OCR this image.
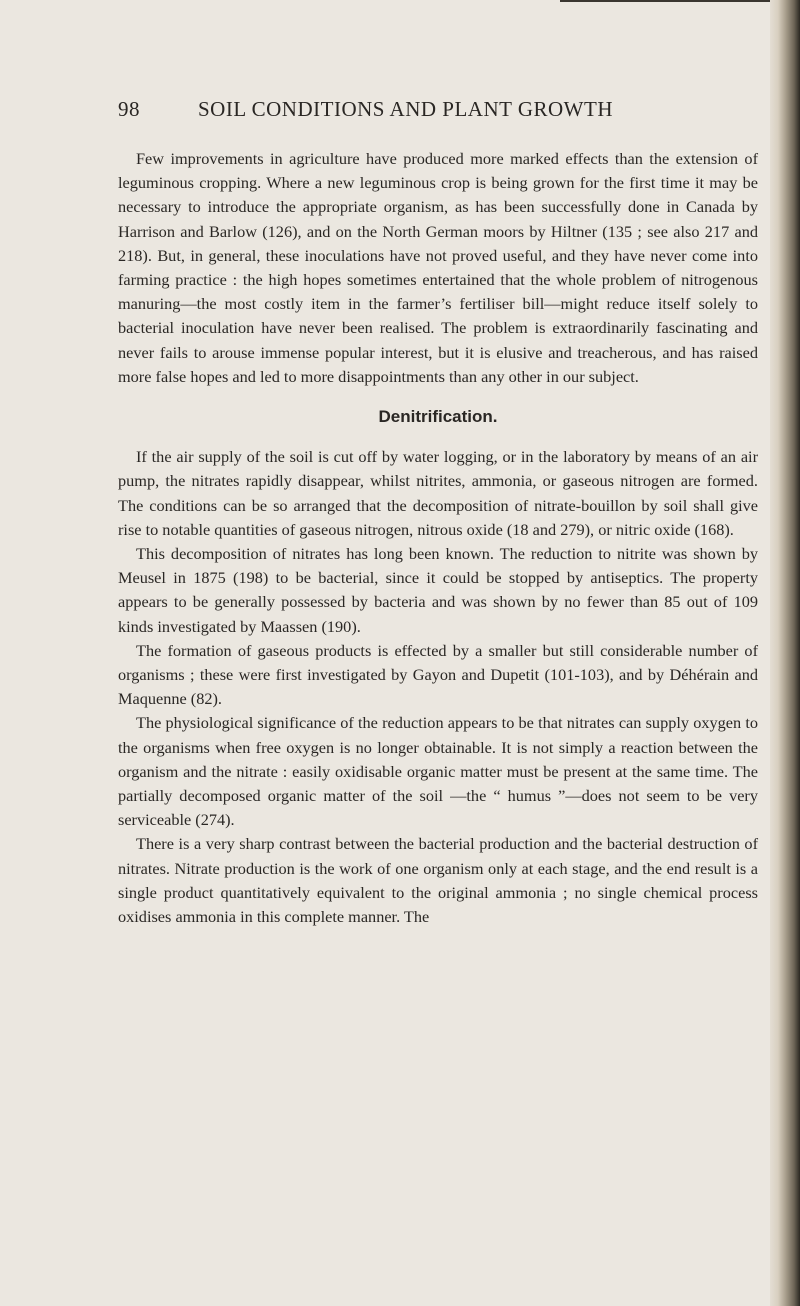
98	SOIL CONDITIONS AND PLANT GROWTH

Few improvements in agriculture have produced more marked effects than the extension of leguminous cropping. Where a new leguminous crop is being grown for the first time it may be necessary to introduce the appropriate organism, as has been successfully done in Canada by Harrison and Barlow (126), and on the North German moors by Hiltner (135 ; see also 217 and 218). But, in general, these inoculations have not proved useful, and they have never come into farming practice : the high hopes sometimes entertained that the whole problem of nitrogenous manuring—the most costly item in the farmer’s fertiliser bill—might reduce itself solely to bacterial inoculation have never been realised. The problem is extraordinarily fascinating and never fails to arouse immense popular interest, but it is elusive and treacherous, and has raised more false hopes and led to more disappointments than any other in our subject.

Denitrification.

If the air supply of the soil is cut off by water logging, or in the laboratory by means of an air pump, the nitrates rapidly disappear, whilst nitrites, ammonia, or gaseous nitrogen are formed. The conditions can be so arranged that the decomposition of nitrate-bouillon by soil shall give rise to notable quantities of gaseous nitrogen, nitrous oxide (18 and 279), or nitric oxide (168).

This decomposition of nitrates has long been known. The reduction to nitrite was shown by Meusel in 1875 (198) to be bacterial, since it could be stopped by antiseptics. The property appears to be generally possessed by bacteria and was shown by no fewer than 85 out of 109 kinds investigated by Maassen (190).

The formation of gaseous products is effected by a smaller but still considerable number of organisms ; these were first investigated by Gayon and Dupetit (101-103), and by Déhérain and Maquenne (82).

The physiological significance of the reduction appears to be that nitrates can supply oxygen to the organisms when free oxygen is no longer obtainable. It is not simply a reaction between the organism and the nitrate : easily oxidisable organic matter must be present at the same time. The partially decomposed organic matter of the soil —the “ humus ”—does not seem to be very serviceable (274).

There is a very sharp contrast between the bacterial production and the bacterial destruction of nitrates. Nitrate production is the work of one organism only at each stage, and the end result is a single product quantitatively equivalent to the original ammonia ; no single chemical process oxidises ammonia in this complete manner. The
